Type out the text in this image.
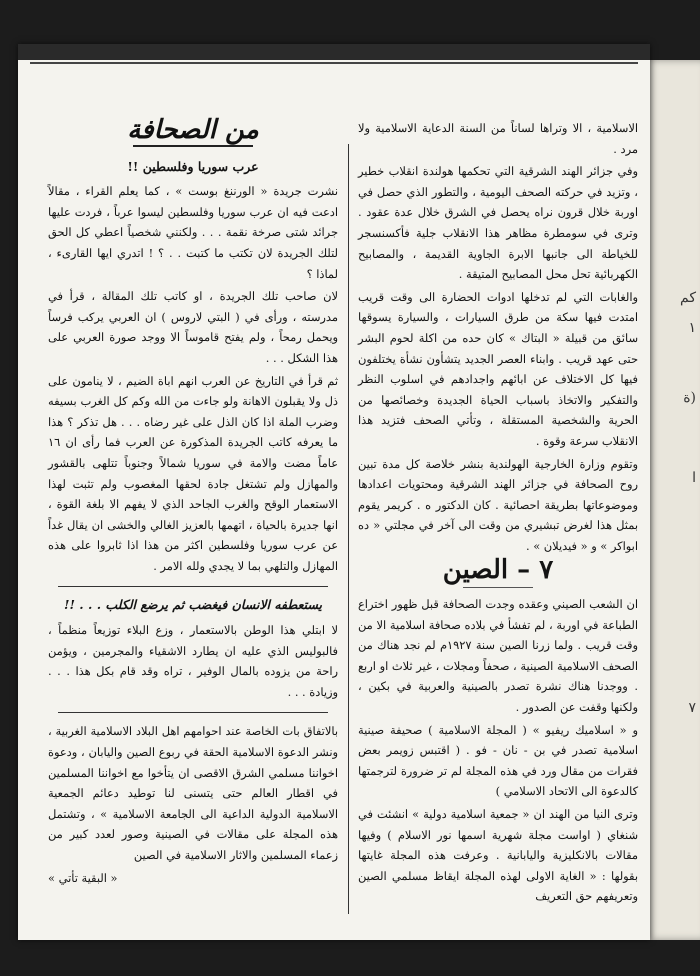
كم
١
ة)
ا
٧
من الصحافة
عرب سوريا وفلسطين !!

نشرت جريدة « الورننغ بوست » ، كما يعلم القراء ، مقالاً ادعت فيه ان عرب سوريا وفلسطين ليسوا عرباً ، فردت عليها جرائد شتى صرخة نقمة . . . ولكنني شخصياً اعطي كل الحق لتلك الجريدة لان تكتب ما كتبت . . ؟ ! اتدري ايها القارىء ، لماذا ؟

لان صاحب تلك الجريدة ، او كاتب تلك المقالة ، قرأ في مدرسته ، ورأى في ( البتي لاروس ) ان العربي يركب فرساً ويحمل رمحاً ، ولم يفتح قاموساً الا ووجد صورة العربي على هذا الشكل . . .

ثم قرأ في التاريخ عن العرب انهم اباة الضيم ، لا ينامون على ذل ولا يقبلون الاهانة ولو جاءت من الله وكم كل الغرب بسيفه وضرب الملة اذا كان الذل على غير رضاه . . . هل تذكر ؟ هذا ما يعرفه كاتب الجريدة المذكورة عن العرب فما رأى ان ١٦ عاماً مضت والامة في سوريا شمالاً وجنوباً تتلهى بالقشور والمهازل ولم تشتغل جادة لحقها المغصوب ولم تثبت لهذا الاستعمار الوقح والغرب الجاحد الذي لا يفهم الا بلغة القوة ، انها جديرة بالحياة ، اتهمها بالعزيز الغالي والخشى ان يقال غداً عن عرب سوريا وفلسطين اكثر من هذا اذا ثابروا على هذه المهازل والتلهي بما لا يجدي ولله الامر .

يستعطفه الانسان فيغضب ثم يرضع الكلب . . . !!

لا ابتلي هذا الوطن بالاستعمار ، وزع البلاء توزيعاً منظماً ، فالبوليس الذي عليه ان يطارد الاشقياء والمجرمين ، ويؤمن راحة من يزوده بالمال الوفير ، تراه وقد قام بكل هذا . . . وزيادة . . .

بالاتفاق بات الخاصة عند احوامهم اهل البلاد الاسلامية الغربية ، ونشر الدعوة الاسلامية الحقة في ربوع الصين واليابان ، ودعوة اخواننا مسلمي الشرق الاقصى ان يتأخوا مع اخواننا المسلمين في اقطار العالم حتى يتسنى لنا توطيد دعائم الجمعية الاسلامية الدولية الداعية الى الجامعة الاسلامية » ، وتشتمل هذه المجلة على مقالات في الصينية وصور لعدد كبير من زعماء المسلمين والاثار الاسلامية في الصين

« البقية تأتي »

الاسلامية ، الا وتراها لساناً من السنة الدعاية الاسلامية ولا مرد .

وفي جزائر الهند الشرقية التي تحكمها هولندة انقلاب خطير ، وتزيد في حركته الصحف اليومية ، والتطور الذي حصل في اوربة خلال قرون نراه يحصل في الشرق خلال عدة عقود . وترى في سومطرة مظاهر هذا الانقلاب جلية فأكسنسجر للخياطة الى جانبها الابرة الجاوية القديمة ، والمصابيح الكهربائية تحل محل المصابيح المتيقة .

والغابات التي لم تدخلها ادوات الحضارة الى وقت قريب امتدت فيها سكة من طرق السيارات ، والسيارة يسوقها سائق من قبيلة « البتاك » كان حده من اكلة لحوم البشر حتى عهد قريب . وابناء العصر الجديد يتشأون نشأة يختلفون فيها كل الاختلاف عن ابائهم واجدادهم في اسلوب النظر والتفكير والاتخاذ باسباب الحياة الجديدة وخصائصها من الحرية والشخصية المستقلة ، وتأتي الصحف فتزيد هذا الانقلاب سرعة وقوة .

وتقوم وزارة الخارجية الهولندية بنشر خلاصة كل مدة تبين روح الصحافة في جزائر الهند الشرقية ومحتويات اعدادها وموضوعاتها بطريقة احصائية . كان الدكتور ه . كريمر يقوم بمثل هذا لغرض تبشيري من وقت الى آخر في مجلتي « ده ابواكر » و « فيديلان » .

٧ – الصين

ان الشعب الصيني وعقده وجدت الصحافة قبل ظهور اختراع الطباعة في اوربة ، لم تفشأ في بلاده صحافة اسلامية الا من وقت قريب . ولما زرنا الصين سنة ١٩٢٧م لم نجد هناك من الصحف الاسلامية الصينية ، صحفاً ومجلات ، غير ثلاث او اربع . ووجدنا هناك نشرة تصدر بالصينية والعربية في بكين ، ولكنها وقفت عن الصدور .

و « اسلاميك ريفيو » ( المجلة الاسلامية ) صحيفة صينية اسلامية تصدر في بن - نان - فو . ( اقتبس زويمر بعض فقرات من مقال ورد في هذه المجلة لم تر ضرورة لترجمتها كالدعوة الى الاتحاد الاسلامي )

وترى النيا من الهند ان « جمعية اسلامية دولية » انشئت في شنغاي ( اواست مجلة شهرية اسمها نور الاسلام ) وفيها مقالات بالانكليزية واليابانية . وعرفت هذه المجلة غايتها بقولها : « الغاية الاولى لهذه المجلة ايقاظ مسلمي الصين وتعريفهم حق التعريف
